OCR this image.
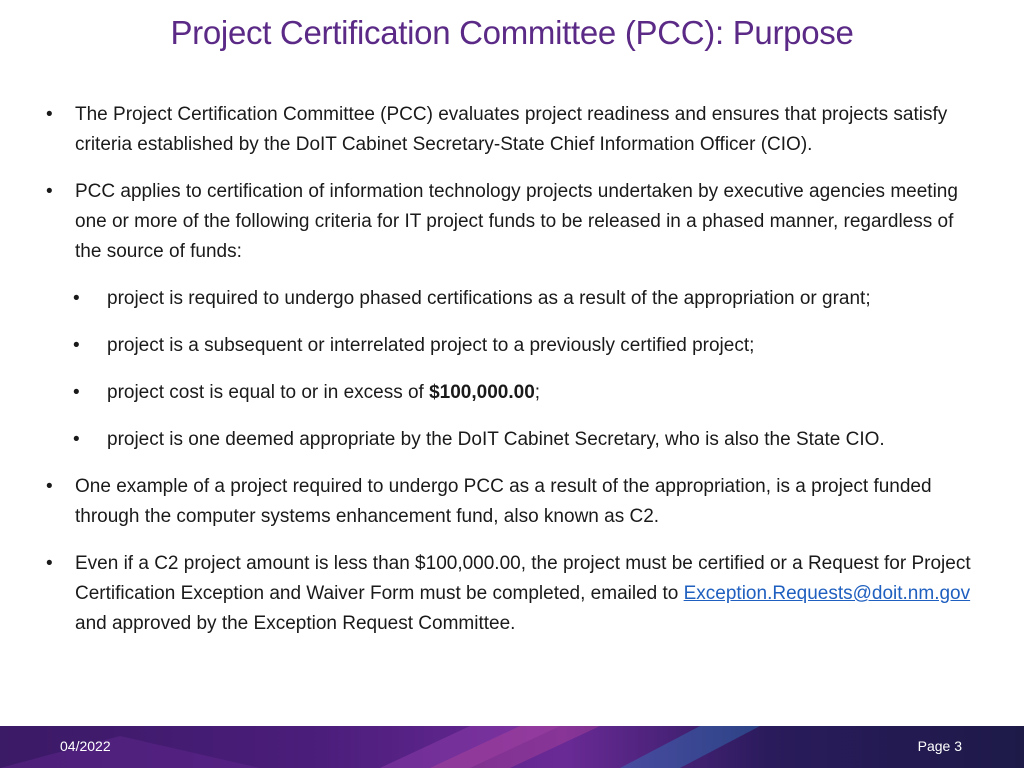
Project Certification Committee (PCC): Purpose
• The Project Certification Committee (PCC) evaluates project readiness and ensures that projects satisfy criteria established by the DoIT Cabinet Secretary-State Chief Information Officer (CIO).
• PCC applies to certification of information technology projects undertaken by executive agencies meeting one or more of the following criteria for IT project funds to be released in a phased manner, regardless of the source of funds:
• project is required to undergo phased certifications as a result of the appropriation or grant;
• project is a subsequent or interrelated project to a previously certified project;
• project cost is equal to or in excess of $100,000.00;
• project is one deemed appropriate by the DoIT Cabinet Secretary, who is also the State CIO.
• One example of a project required to undergo PCC as a result of the appropriation, is a project funded through the computer systems enhancement fund, also known as C2.
• Even if a C2 project amount is less than $100,000.00, the project must be certified or a Request for Project Certification Exception and Waiver Form must be completed, emailed to Exception.Requests@doit.nm.gov and approved by the Exception Request Committee.
04/2022	Page 3
